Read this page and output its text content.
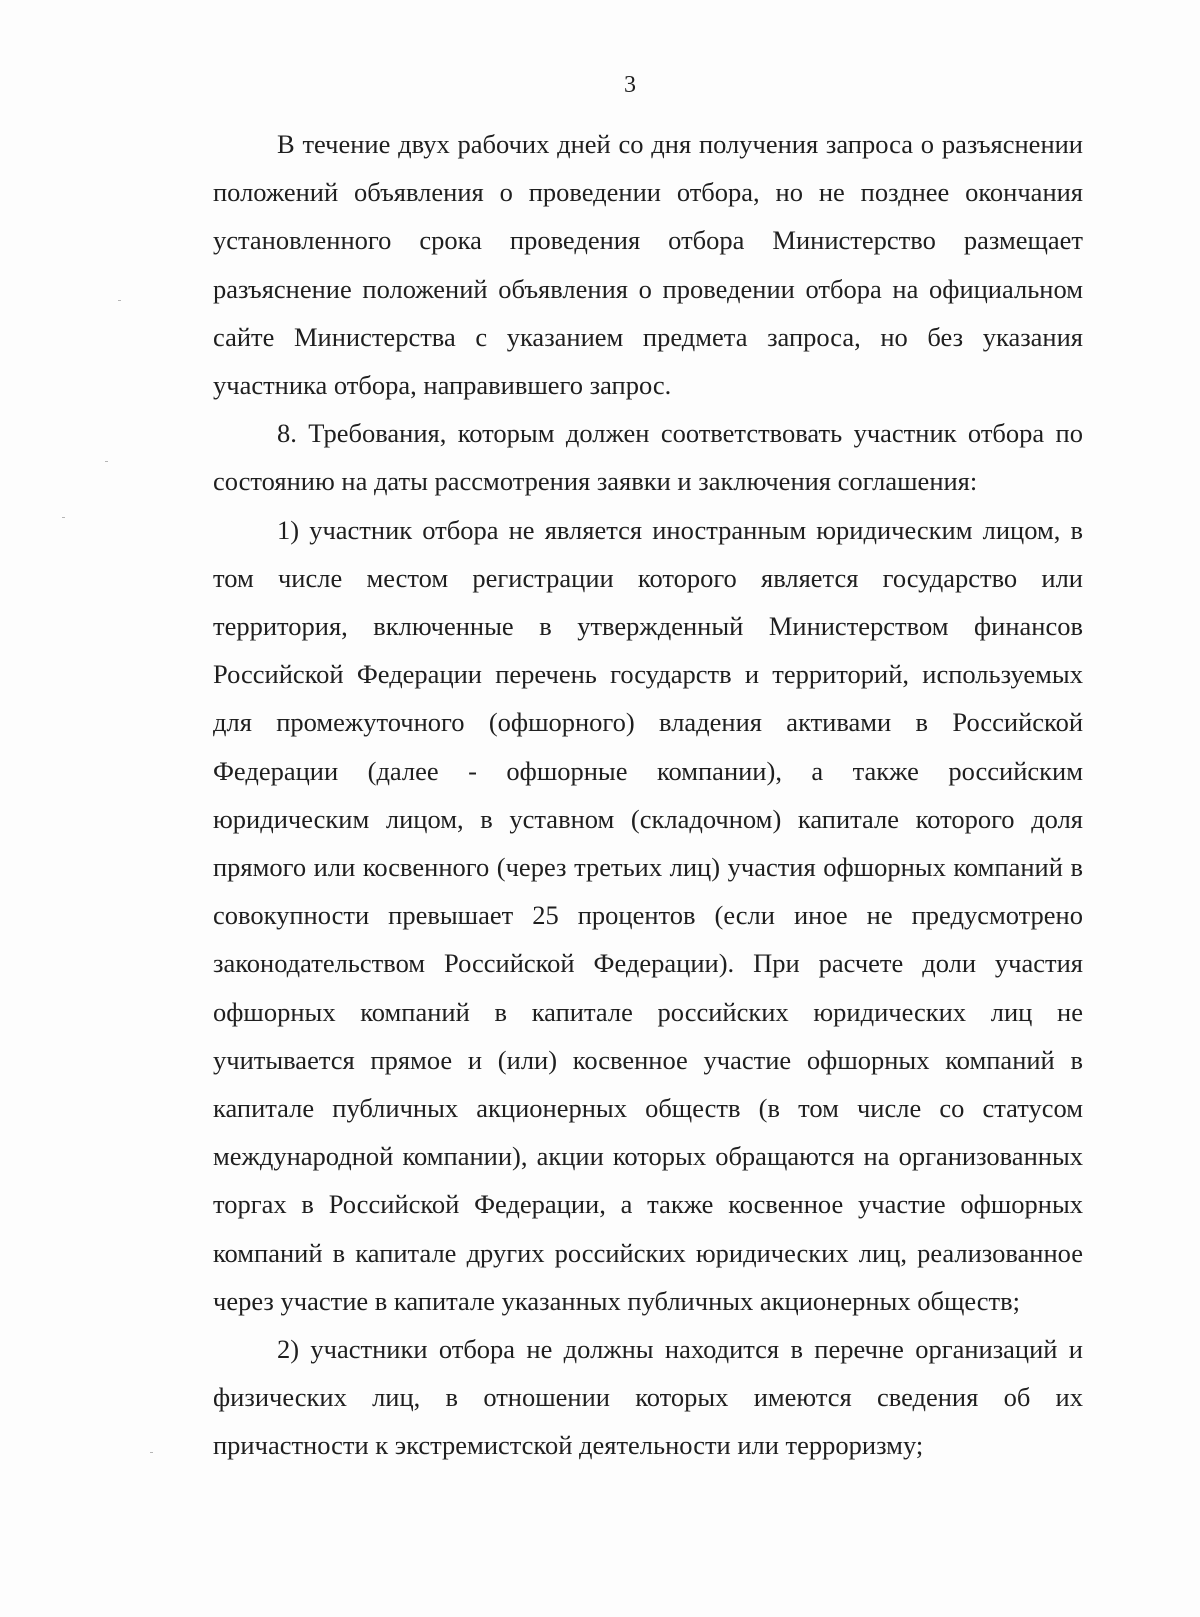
3

В течение двух рабочих дней со дня получения запроса о разъяснении положений объявления о проведении отбора, но не позднее окончания установленного срока проведения отбора Министерство размещает разъяснение положений объявления о проведении отбора на официальном сайте Министерства с указанием предмета запроса, но без указания участника отбора, направившего запрос.

8. Требования, которым должен соответствовать участник отбора по состоянию на даты рассмотрения заявки и заключения соглашения:

1) участник отбора не является иностранным юридическим лицом, в том числе местом регистрации которого является государство или территория, включенные в утвержденный Министерством финансов Российской Федерации перечень государств и территорий, используемых для промежуточного (офшорного) владения активами в Российской Федерации (далее - офшорные компании), а также российским юридическим лицом, в уставном (складочном) капитале которого доля прямого или косвенного (через третьих лиц) участия офшорных компаний в совокупности превышает 25 процентов (если иное не предусмотрено законодательством Российской Федерации). При расчете доли участия офшорных компаний в капитале российских юридических лиц не учитывается прямое и (или) косвенное участие офшорных компаний в капитале публичных акционерных обществ (в том числе со статусом международной компании), акции которых обращаются на организованных торгах в Российской Федерации, а также косвенное участие офшорных компаний в капитале других российских юридических лиц, реализованное через участие в капитале указанных публичных акционерных обществ;

2) участники отбора не должны находится в перечне организаций и физических лиц, в отношении которых имеются сведения об их причастности к экстремистской деятельности или терроризму;
